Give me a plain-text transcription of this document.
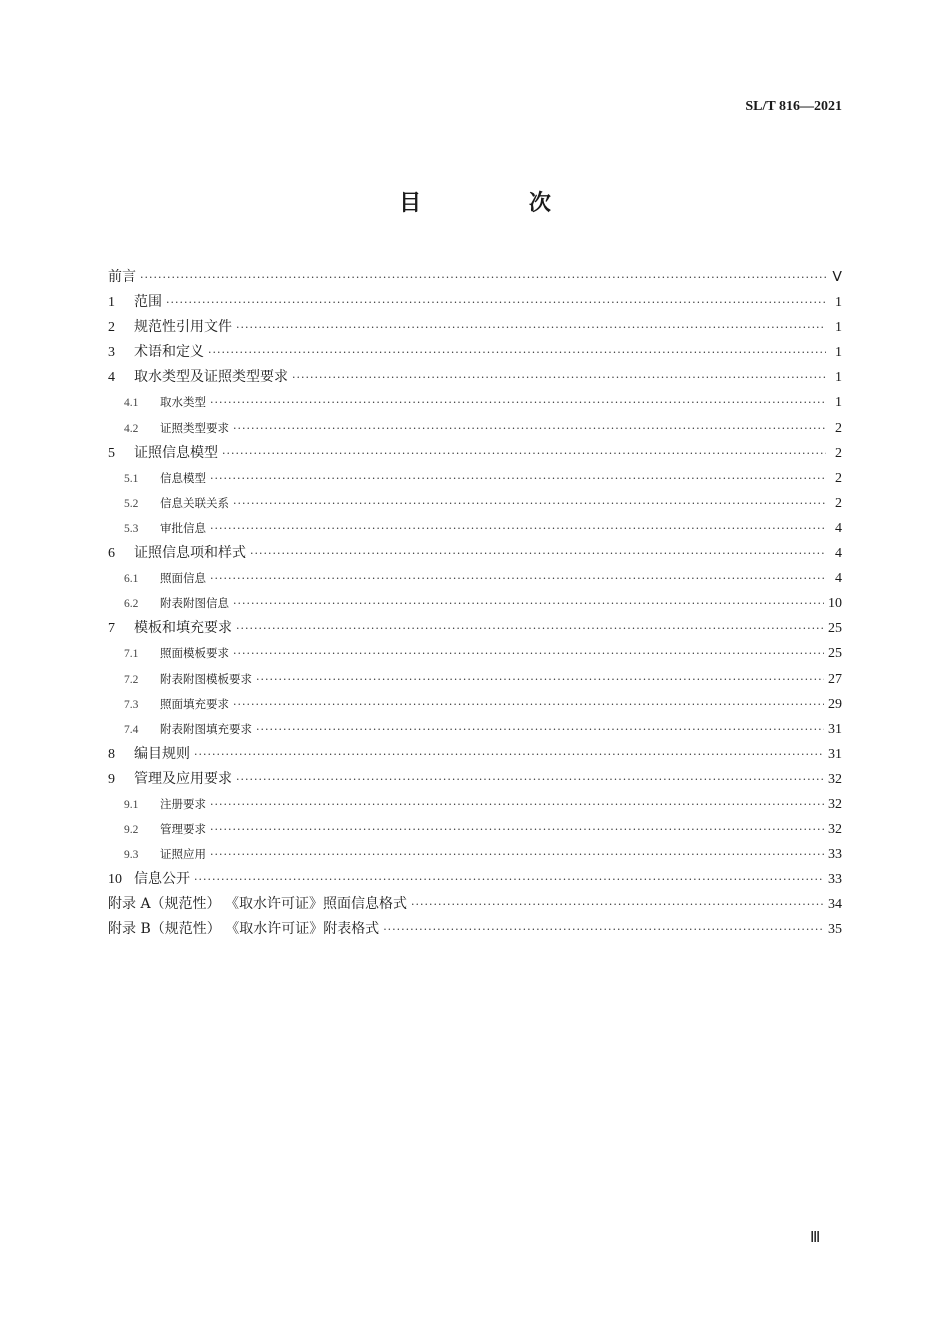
SL/T 816—2021
目 次
前言 ·····	Ⅴ
1	范围 ·····	1
2	规范性引用文件 ·····	1
3	术语和定义 ·····	1
4	取水类型及证照类型要求 ·····	1
4.1	取水类型 ·····	1
4.2	证照类型要求 ·····	2
5	证照信息模型 ·····	2
5.1	信息模型 ·····	2
5.2	信息关联关系 ·····	2
5.3	审批信息 ·····	4
6	证照信息项和样式 ·····	4
6.1	照面信息 ·····	4
6.2	附表附图信息 ·····	10
7	模板和填充要求 ·····	25
7.1	照面模板要求 ·····	25
7.2	附表附图模板要求 ·····	27
7.3	照面填充要求 ·····	29
7.4	附表附图填充要求 ·····	31
8	编目规则 ·····	31
9	管理及应用要求 ·····	32
9.1	注册要求 ·····	32
9.2	管理要求 ·····	32
9.3	证照应用 ·····	33
10 信息公开 ·····	33
附录 A（规范性） 《取水许可证》照面信息格式 ·····	34
附录 B（规范性） 《取水许可证》附表格式 ·····	35
Ⅲ
